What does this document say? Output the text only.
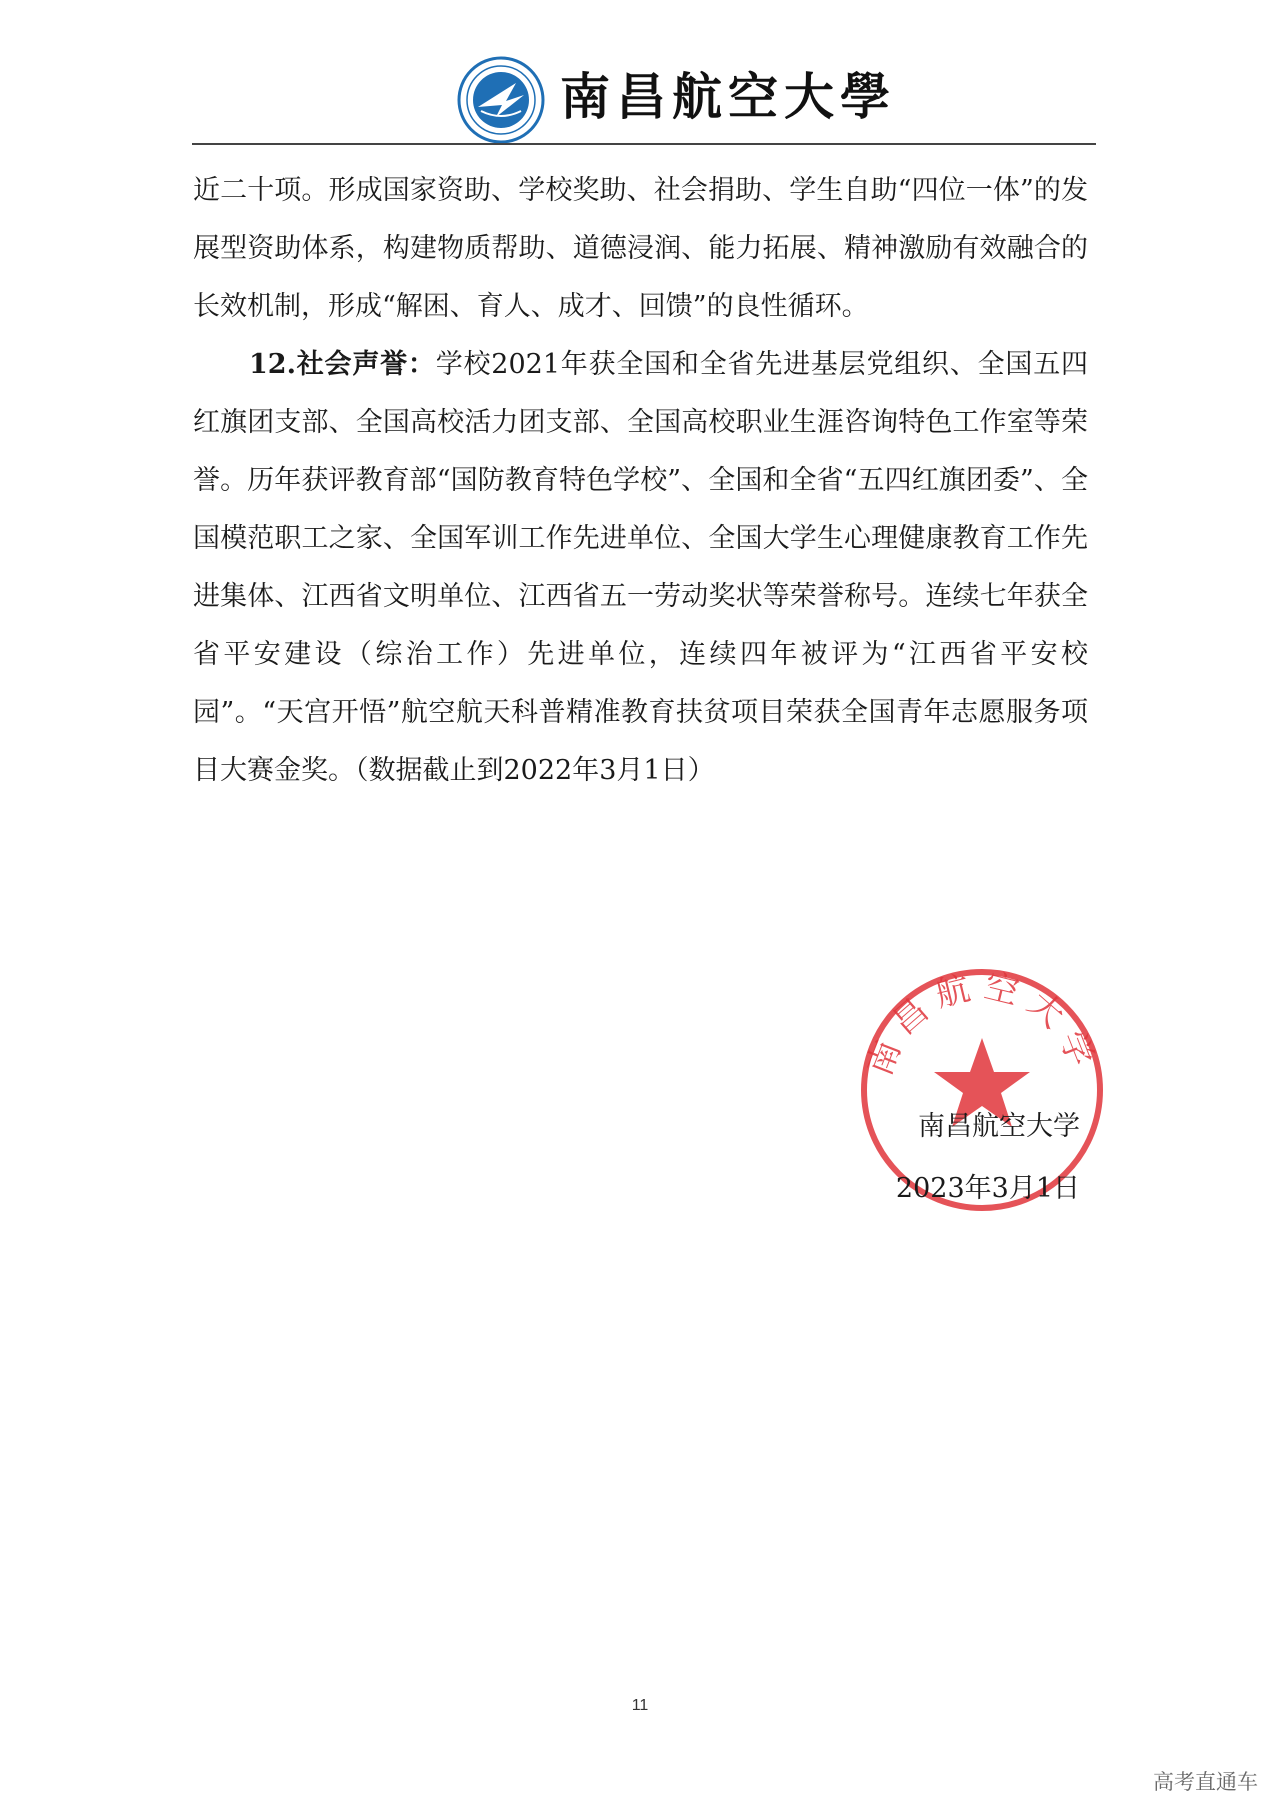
南昌航空大學

近二十项。形成国家资助、学校奖助、社会捐助、学生自助“四位一体”的发展型资助体系，构建物质帮助、道德浸润、能力拓展、精神激励有效融合的长效机制，形成“解困、育人、成才、回馈”的良性循环。

12.社会声誉：学校2021年获全国和全省先进基层党组织、全国五四红旗团支部、全国高校活力团支部、全国高校职业生涯咨询特色工作室等荣誉。历年获评教育部“国防教育特色学校”、全国和全省“五四红旗团委”、全国模范职工之家、全国军训工作先进单位、全国大学生心理健康教育工作先进集体、江西省文明单位、江西省五一劳动奖状等荣誉称号。连续七年获全省平安建设（综治工作）先进单位，连续四年被评为“江西省平安校园”。“天宫开悟”航空航天科普精准教育扶贫项目荣获全国青年志愿服务项目大赛金奖。（数据截止到2022年3月1日）

南昌航空大学
南昌航空大学
2023年3月1日
11
高考直通车
